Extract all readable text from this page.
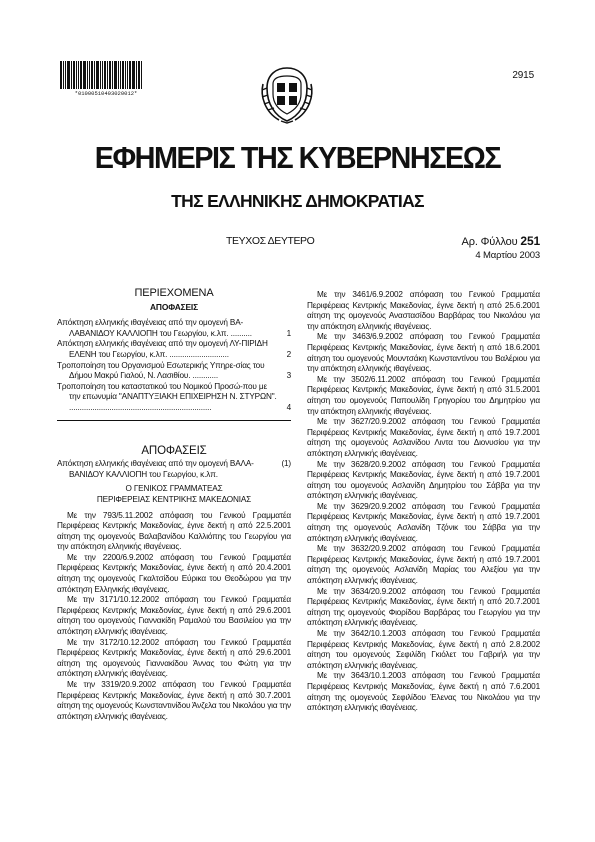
*01000510403020012*
2915
ΕΦΗΜΕΡΙΣ ΤΗΣ ΚΥΒΕΡΝΗΣΕΩΣ
ΤΗΣ ΕΛΛΗΝΙΚΗΣ ΔΗΜΟΚΡΑΤΙΑΣ
ΤΕΥΧΟΣ ΔΕΥΤΕΡΟ	Αρ. Φύλλου 251
4 Μαρτίου 2003
ΠΕΡΙΕΧΟΜΕΝΑ
ΑΠΟΦΑΣΕΙΣ
Απόκτηση ελληνικής ιθαγένειας από την ομογενή ΒΑ-ΛΑΒΑΝΙΔΟΥ ΚΑΛΛΙΟΠΗ του Γεωργίου, κ.λπ. ..........	1
Απόκτηση ελληνικής ιθαγένειας από την ομογενή ΛΥ-ΠΙΡΙΔΗ ΕΛΕΝΗ του Γεωργίου, κ.λπ. ............................	2
Τροποποίηση του Οργανισμού Εσωτερικής Υπηρε-σίας του Δήμου Μακρύ Γιαλού, Ν. Λασιθίου. ............	3
Τροποποίηση του καταστατικού του Νομικού Προσώ-που με την επωνυμία "ΑΝΑΠΤΥΞΙΑΚΗ ΕΠΙΧΕΙΡΗΣΗ Ν. ΣΤΥΡΩΝ". ...................................................................	4
ΑΠΟΦΑΣΕΙΣ
Απόκτηση ελληνικής ιθαγένειας από την ομογενή ΒΑΛΑ-ΒΑΝΙΔΟΥ ΚΑΛΛΙΟΠΗ του Γεωργίου, κ.λπ.
(1)
Ο ΓΕΝΙΚΟΣ ΓΡΑΜΜΑΤΕΑΣ
ΠΕΡΙΦΕΡΕΙΑΣ ΚΕΝΤΡΙΚΗΣ ΜΑΚΕΔΟΝΙΑΣ

Με την 793/5.11.2002 απόφαση του Γενικού Γραμματέα Περιφέρειας Κεντρικής Μακεδονίας, έγινε δεκτή η από 22.5.2001 αίτηση της ομογενούς Βαλαβανίδου Καλλιόπης του Γεωργίου για την απόκτηση ελληνικής ιθαγένειας.

Με την 2200/6.9.2002 απόφαση του Γενικού Γραμματέα Περιφέρειας Κεντρικής Μακεδονίας, έγινε δεκτή η από 20.4.2001 αίτηση της ομογενούς Γκαλτσίδου Εύρικα του Θεοδώρου για την απόκτηση Ελληνικής ιθαγένειας.

Με την 3171/10.12.2002 απόφαση του Γενικού Γραμματέα Περιφέρειας Κεντρικής Μακεδονίας, έγινε δεκτή η από 29.6.2001 αίτηση του ομογενούς Γιαννακίδη Ραμαλού του Βασιλείου για την απόκτηση ελληνικής ιθαγένειας.

Με την 3172/10.12.2002 απόφαση του Γενικού Γραμματέα Περιφέρειας Κεντρικής Μακεδονίας, έγινε δεκτή η από 29.6.2001 αίτηση της ομογενούς Γιαννακίδου Άννας του Φώτη για την απόκτηση ελληνικής ιθαγένειας.

Με την 3319/20.9.2002 απόφαση του Γενικού Γραμματέα Περιφέρειας Κεντρικής Μακεδονίας, έγινε δεκτή η από 30.7.2001 αίτηση της ομογενούς Κωνσταντινίδου Άνζελα του Νικολάου για την απόκτηση ελληνικής ιθαγένειας.

Με την 3461/6.9.2002 απόφαση του Γενικού Γραμματέα Περιφέρειας Κεντρικής Μακεδονίας, έγινε δεκτή η από 25.6.2001 αίτηση της ομογενούς Αναστασίδου Βαρβάρας του Νικολάου για την απόκτηση ελληνικής ιθαγένειας.

Με την 3463/6.9.2002 απόφαση του Γενικού Γραμματέα Περιφέρειας Κεντρικής Μακεδονίας, έγινε δεκτή η από 18.6.2001 αίτηση του ομογενούς Μουντσάκη Κωνσταντίνου του Βαλέριου για την απόκτηση ελληνικής ιθαγένειας.

Με την 3502/6.11.2002 απόφαση του Γενικού Γραμματέα Περιφέρειας Κεντρικής Μακεδονίας, έγινε δεκτή η από 31.5.2001 αίτηση του ομογενούς Παπουλίδη Γρηγορίου του Δημητρίου για την απόκτηση ελληνικής ιθαγένειας.

Με την 3627/20.9.2002 απόφαση του Γενικού Γραμματέα Περιφέρειας Κεντρικής Μακεδονίας, έγινε δεκτή η από 19.7.2001 αίτηση της ομογενούς Ασλανίδου Λιντα του Διονυσίου για την απόκτηση ελληνικής ιθαγένειας.

Με την 3628/20.9.2002 απόφαση του Γενικού Γραμματέα Περιφέρειας Κεντρικής Μακεδονίας, έγινε δεκτή η από 19.7.2001 αίτηση του ομογενούς Ασλανίδη Δημητρίου του Σάββα για την απόκτηση ελληνικής ιθαγένειας.

Με την 3629/20.9.2002 απόφαση του Γενικού Γραμματέα Περιφέρειας Κεντρικής Μακεδονίας, έγινε δεκτή η από 19.7.2001 αίτηση της ομογενούς Ασλανίδη Τζόνικ του Σάββα για την απόκτηση ελληνικής ιθαγένειας.

Με την 3632/20.9.2002 απόφαση του Γενικού Γραμματέα Περιφέρειας Κεντρικής Μακεδονίας, έγινε δεκτή η από 19.7.2001 αίτηση της ομογενούς Ασλανίδη Μαρίας του Αλεξίου για την απόκτηση ελληνικής ιθαγένειας.

Με την 3634/20.9.2002 απόφαση του Γενικού Γραμματέα Περιφέρειας Κεντρικής Μακεδονίας, έγινε δεκτή η από 20.7.2001 αίτηση της ομογενούς Φιορίδου Βαρβάρας του Γεωργίου για την απόκτηση ελληνικής ιθαγένειας.

Με την 3642/10.1.2003 απόφαση του Γενικού Γραμματέα Περιφέρειας Κεντρικής Μακεδονίας, έγινε δεκτή η από 2.8.2002 αίτηση του ομογενούς Σεφιλίδη Γκιόλετ του Γαβριήλ για την απόκτηση ελληνικής ιθαγένειας.

Με την 3643/10.1.2003 απόφαση του Γενικού Γραμματέα Περιφέρειας Κεντρικής Μακεδονίας, έγινε δεκτή η από 7.6.2001 αίτηση της ομογενούς Σεφιλίδου Έλενας του Νικολάου για την απόκτηση ελληνικής ιθαγένειας.
